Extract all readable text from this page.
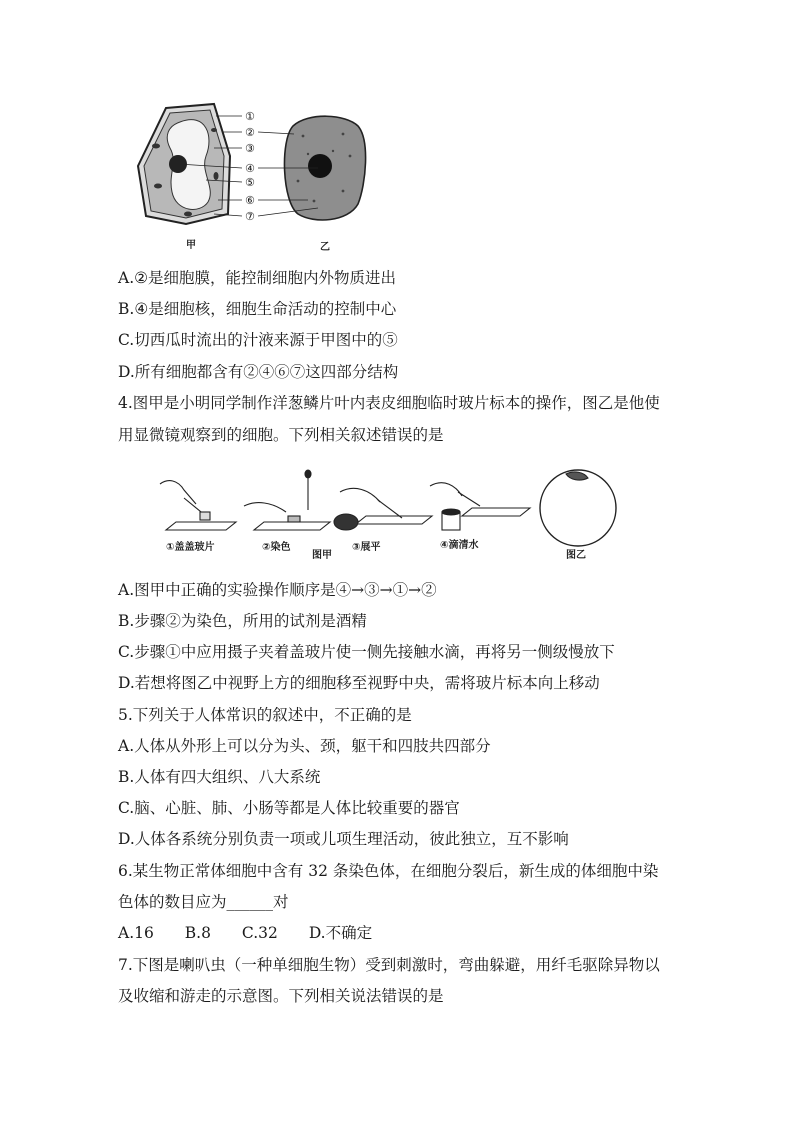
①
②
③
④
⑤
⑥
⑦
甲	乙
A.②是细胞膜，能控制细胞内外物质进出
B.④是细胞核，细胞生命活动的控制中心
C.切西瓜时流出的汁液来源于甲图中的⑤
D.所有细胞都含有②④⑥⑦这四部分结构
4.图甲是小明同学制作洋葱鳞片叶内表皮细胞临时玻片标本的操作，图乙是他使
用显微镜观察到的细胞。下列相关叙述错误的是
①盖盖玻片	②染色	③展平	④滴清水
图甲	图乙
A.图甲中正确的实验操作顺序是④→③→①→②
B.步骤②为染色，所用的试剂是酒精
C.步骤①中应用摄子夹着盖玻片使一侧先接触水滴，再将另一侧级慢放下
D.若想将图乙中视野上方的细胞移至视野中央，需将玻片标本向上移动
5.下列关于人体常识的叙述中，不正确的是
A.人体从外形上可以分为头、颈，躯干和四肢共四部分
B.人体有四大组织、八大系统
C.脑、心脏、肺、小肠等都是人体比较重要的器官
D.人体各系统分别负责一项或儿项生理活动，彼此独立，互不影响
6.某生物正常体细胞中含有 32 条染色体，在细胞分裂后，新生成的体细胞中染
色体的数目应为______对
A.16 B.8 C.32 D.不确定
7.下图是喇叭虫（一种单细胞生物）受到刺激时，弯曲躲避，用纤毛驱除异物以
及收缩和游走的示意图。下列相关说法错误的是
